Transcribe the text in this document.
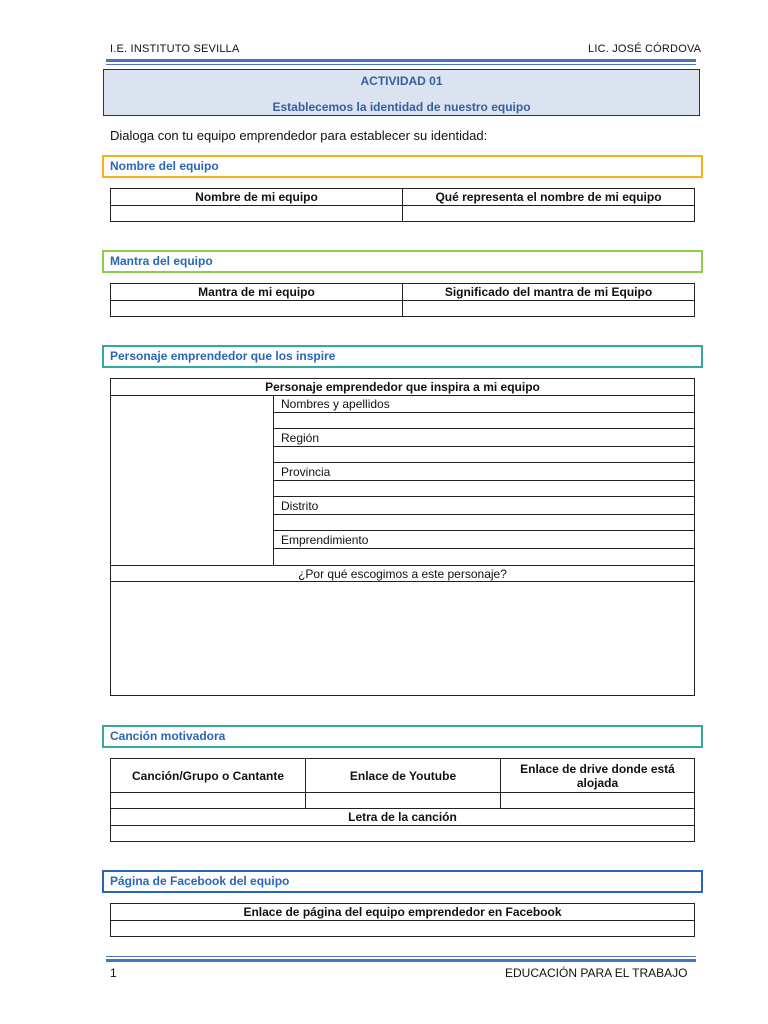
I.E. INSTITUTO SEVILLA	LIC. JOSÉ CÓRDOVA
ACTIVIDAD 01
Establecemos la identidad de nuestro equipo
Dialoga con tu equipo emprendedor para establecer su identidad:
Nombre del equipo
Nombre de mi equipo	Qué representa el nombre de mi equipo

Mantra del equipo
Mantra de mi equipo	Significado del mantra de mi Equipo

Personaje emprendedor que los inspire
Personaje emprendedor que inspira a mi equipo
	Nombres y apellidos

Región

Provincia

Distrito

Emprendimiento

¿Por qué escogimos a este personaje?

Canción motivadora
Canción/Grupo o Cantante	Enlace de Youtube	Enlace de drive donde está alojada

Letra de la canción		

Página de Facebook del equipo
Enlace de página del equipo emprendedor en Facebook

1	EDUCACIÓN PARA EL TRABAJO
